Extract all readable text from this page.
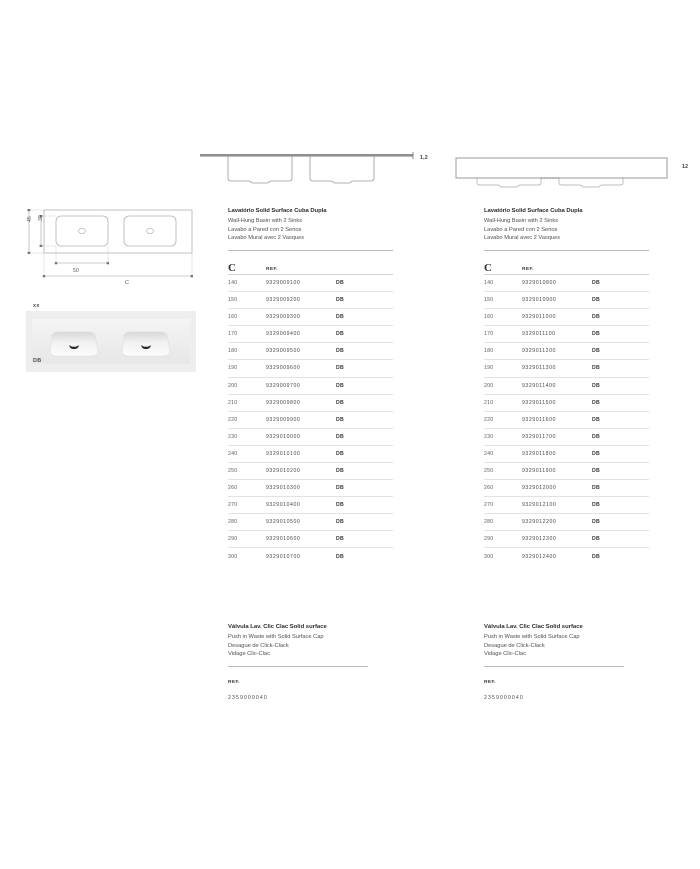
1,2
12
45 30
50
C
xx
DB
Lavatório Solid Surface Cuba Dupla
Wall-Hung Basin with 2 Sinks
Lavabo a Pared con 2 Senos
Lavabo Mural avec 2 Vasques
C	REF.
140	9329009100	DB
150	9329009200	DB
160	9329009300	DB
170	9329009400	DB
180	9329009500	DB
190	9329009600	DB
200	9329009700	DB
210	9329009800	DB
220	9329009900	DB
230	9329010000	DB
240	9329010100	DB
250	9329010200	DB
260	9329010300	DB
270	9329010400	DB
280	9329010500	DB
290	9329010600	DB
300	9329010700	DB
Lavatório Solid Surface Cuba Dupla
Wall-Hung Basin with 2 Sinks
Lavabo a Pared con 2 Senos
Lavabo Mural avec 2 Vasques
C	REF.
140	9329010800	DB
150	9329010900	DB
160	9329011000	DB
170	9329011100	DB
180	9329011200	DB
190	9329011300	DB
200	9329011400	DB
210	9329011500	DB
220	9329011600	DB
230	9329011700	DB
240	9329011800	DB
250	9329011900	DB
260	9329012000	DB
270	9329012100	DB
280	9329012200	DB
290	9329012300	DB
300	9329012400	DB
Válvula Lav. Clic Clac Solid surface
Push in Waste with Solid Surface Cap
Desague de Click-Clack
Vidage Clic-Clac
REF.
2359000040
Válvula Lav. Clic Clac Solid surface
Push in Waste with Solid Surface Cap
Desague de Click-Clack
Vidage Clic-Clac
REF.
2359000040
